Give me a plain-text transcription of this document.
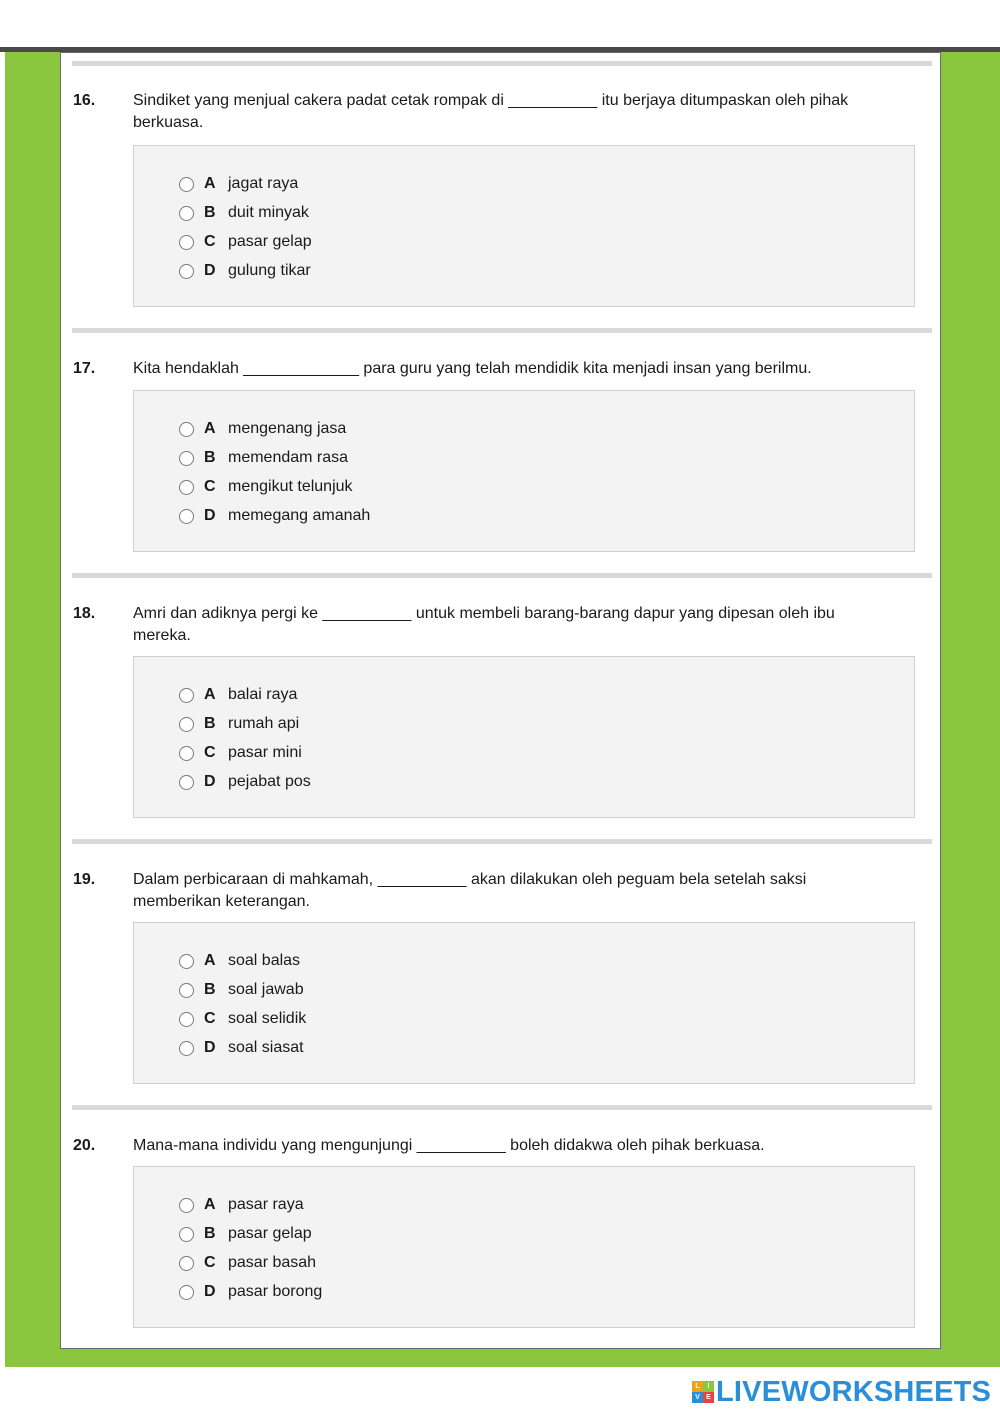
16. Sindiket yang menjual cakera padat cetak rompak di __________ itu berjaya ditumpaskan oleh pihak
berkuasa.
A jagat raya
B duit minyak
C pasar gelap
D gulung tikar
17. Kita hendaklah _____________ para guru yang telah mendidik kita menjadi insan yang berilmu.
A mengenang jasa
B memendam rasa
C mengikut telunjuk
D memegang amanah
18. Amri dan adiknya pergi ke __________ untuk membeli barang-barang dapur yang dipesan oleh ibu
mereka.
A balai raya
B rumah api
C pasar mini
D pejabat pos
19. Dalam perbicaraan di mahkamah, __________ akan dilakukan oleh peguam bela setelah saksi
memberikan keterangan.
A soal balas
B soal jawab
C soal selidik
D soal siasat
20. Mana-mana individu yang mengunjungi __________ boleh didakwa oleh pihak berkuasa.
A pasar raya
B pasar gelap
C pasar basah
D pasar borong
L	I
V E LIVEWORKSHEETS
